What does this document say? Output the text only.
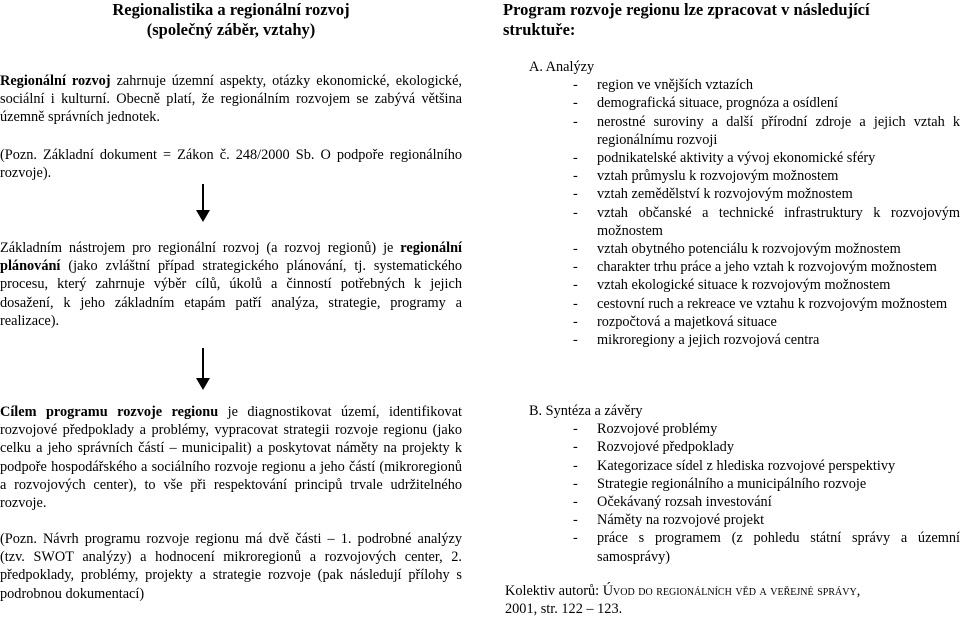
Regionalistika a regionální rozvoj
(společný záběr, vztahy)

Regionální rozvoj zahrnuje územní aspekty, otázky ekonomické, ekologické, sociální i kulturní. Obecně platí, že regionálním rozvojem se zabývá většina územně správních jednotek.

(Pozn. Základní dokument = Zákon č. 248/2000 Sb. O podpoře regionálního rozvoje).

Základním nástrojem pro regionální rozvoj (a rozvoj regionů) je regionální plánování (jako zvláštní případ strategického plánování, tj. systematického procesu, který zahrnuje výběr cílů, úkolů a činností potřebných k jejich dosažení, k jeho základním etapám patří analýza, strategie, programy a realizace).

Cílem programu rozvoje regionu je diagnostikovat území, identifikovat rozvojové předpoklady a problémy, vypracovat strategii rozvoje regionu (jako celku a jeho správních částí – municipalit) a poskytovat náměty na projekty k podpoře hospodářského a sociálního rozvoje regionu a jeho částí (mikroregionů a rozvojových center), to vše při respektování principů trvale udržitelného rozvoje.

(Pozn. Návrh programu rozvoje regionu má dvě části – 1. podrobné analýzy (tzv. SWOT analýzy) a hodnocení mikroregionů a rozvojových center, 2. předpoklady, problémy, projekty a strategie rozvoje (pak následují přílohy s podrobnou dokumentací)

Program rozvoje regionu lze zpracovat v následující struktuře:
A. Analýzy
- region ve vnějších vztazích
- demografická situace, prognóza a osídlení
- nerostné suroviny a další přírodní zdroje a jejich vztah k regionálnímu rozvoji
- podnikatelské aktivity a vývoj ekonomické sféry
- vztah průmyslu k rozvojovým možnostem
- vztah zemědělství k rozvojovým možnostem
- vztah občanské a technické infrastruktury k rozvojovým možnostem
- vztah obytného potenciálu k rozvojovým možnostem
- charakter trhu práce a jeho vztah k rozvojovým možnostem
- vztah ekologické situace k rozvojovým možnostem
- cestovní ruch a rekreace ve vztahu k rozvojovým možnostem
- rozpočtová a majetková situace
- mikroregiony a jejich rozvojová centra
B. Syntéza a závěry
- Rozvojové problémy
- Rozvojové předpoklady
- Kategorizace sídel z hlediska rozvojové perspektivy
- Strategie regionálního a municipálního rozvoje
- Očekávaný rozsah investování
- Náměty na rozvojové projekt
- práce s programem (z pohledu státní správy a územní samosprávy)
Kolektiv autorů: Úvod do regionálních věd a veřejné správy,
2001, str. 122 – 123.
